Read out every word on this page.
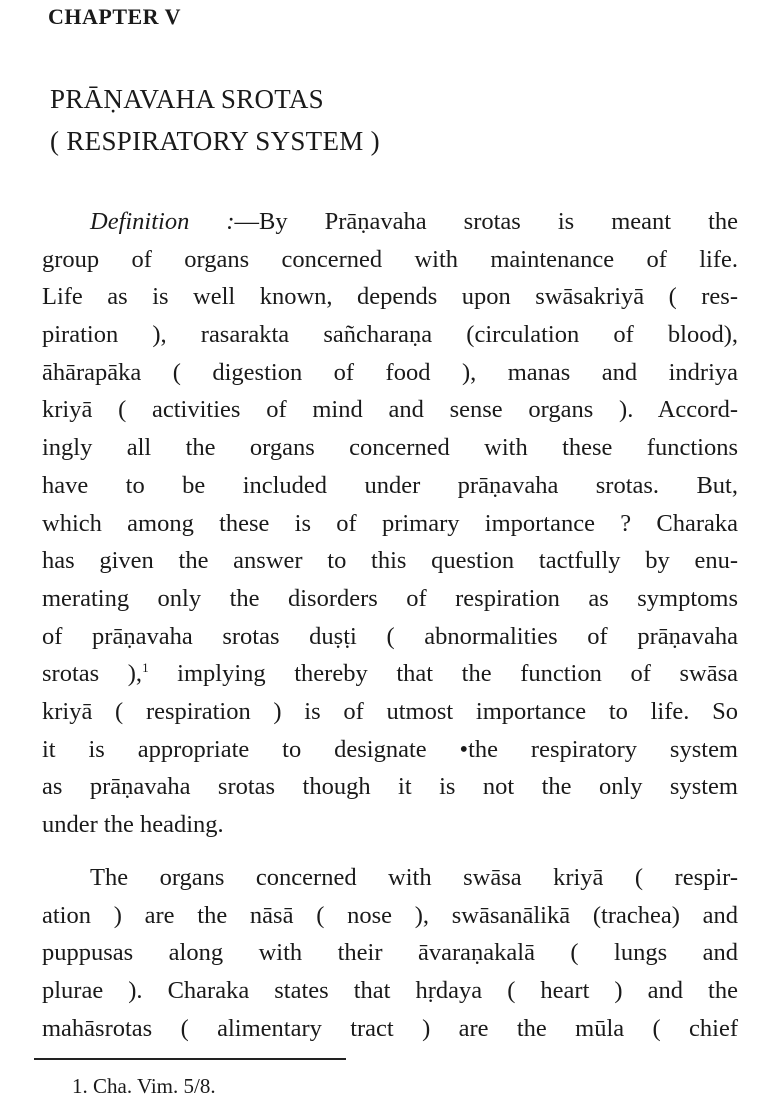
CHAPTER V
PRĀṆAVAHA SROTAS
( RESPIRATORY SYSTEM )
Definition :—By Prāṇavaha srotas is meant the
group of organs concerned with maintenance of life.
Life as is well known, depends upon swāsakriyā ( res-
piration ), rasarakta sañcharaṇa (circulation of blood),
āhārapāka ( digestion of food ), manas and indriya
kriyā ( activities of mind and sense organs ). Accord-
ingly all the organs concerned with these functions
have to be included under prāṇavaha srotas. But,
which among these is of primary importance ? Charaka
has given the answer to this question tactfully by enu-
merating only the disorders of respiration as symptoms
of prāṇavaha srotas duṣṭi ( abnormalities of prāṇavaha
srotas ),$^1$ implying thereby that the function of swāsa
kriyā ( respiration ) is of utmost importance to life. So
it is appropriate to designate •the respiratory system
as prāṇavaha srotas though it is not the only system
under the heading.
The organs concerned with swāsa kriyā ( respir-
ation ) are the nāsā ( nose ), swāsanālikā (trachea) and
puppusas along with their āvaraṇakalā ( lungs and
plurae ). Charaka states that hṛdaya ( heart ) and the
mahāsrotas ( alimentary tract ) are the mūla ( chief
1. Cha. Vim. 5/8.
